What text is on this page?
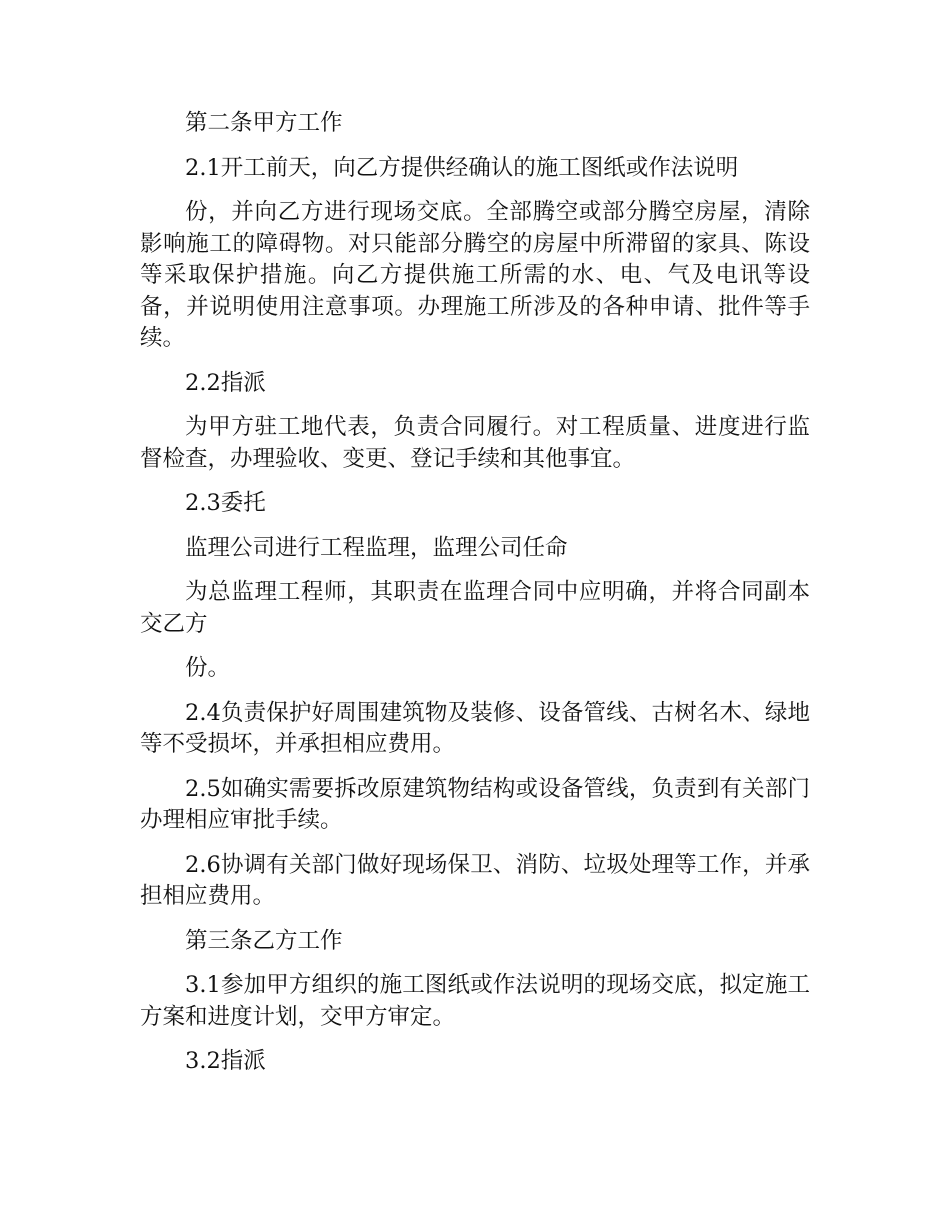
第二条甲方工作

2.1开工前天，向乙方提供经确认的施工图纸或作法说明

份，并向乙方进行现场交底。全部腾空或部分腾空房屋，清除影响施工的障碍物。对只能部分腾空的房屋中所滞留的家具、陈设等采取保护措施。向乙方提供施工所需的水、电、气及电讯等设备，并说明使用注意事项。办理施工所涉及的各种申请、批件等手续。

2.2指派

为甲方驻工地代表，负责合同履行。对工程质量、进度进行监督检查，办理验收、变更、登记手续和其他事宜。

2.3委托

监理公司进行工程监理，监理公司任命

为总监理工程师，其职责在监理合同中应明确，并将合同副本交乙方

份。

2.4负责保护好周围建筑物及装修、设备管线、古树名木、绿地等不受损坏，并承担相应费用。

2.5如确实需要拆改原建筑物结构或设备管线，负责到有关部门办理相应审批手续。

2.6协调有关部门做好现场保卫、消防、垃圾处理等工作，并承担相应费用。

第三条乙方工作

3.1参加甲方组织的施工图纸或作法说明的现场交底，拟定施工方案和进度计划，交甲方审定。

3.2指派
